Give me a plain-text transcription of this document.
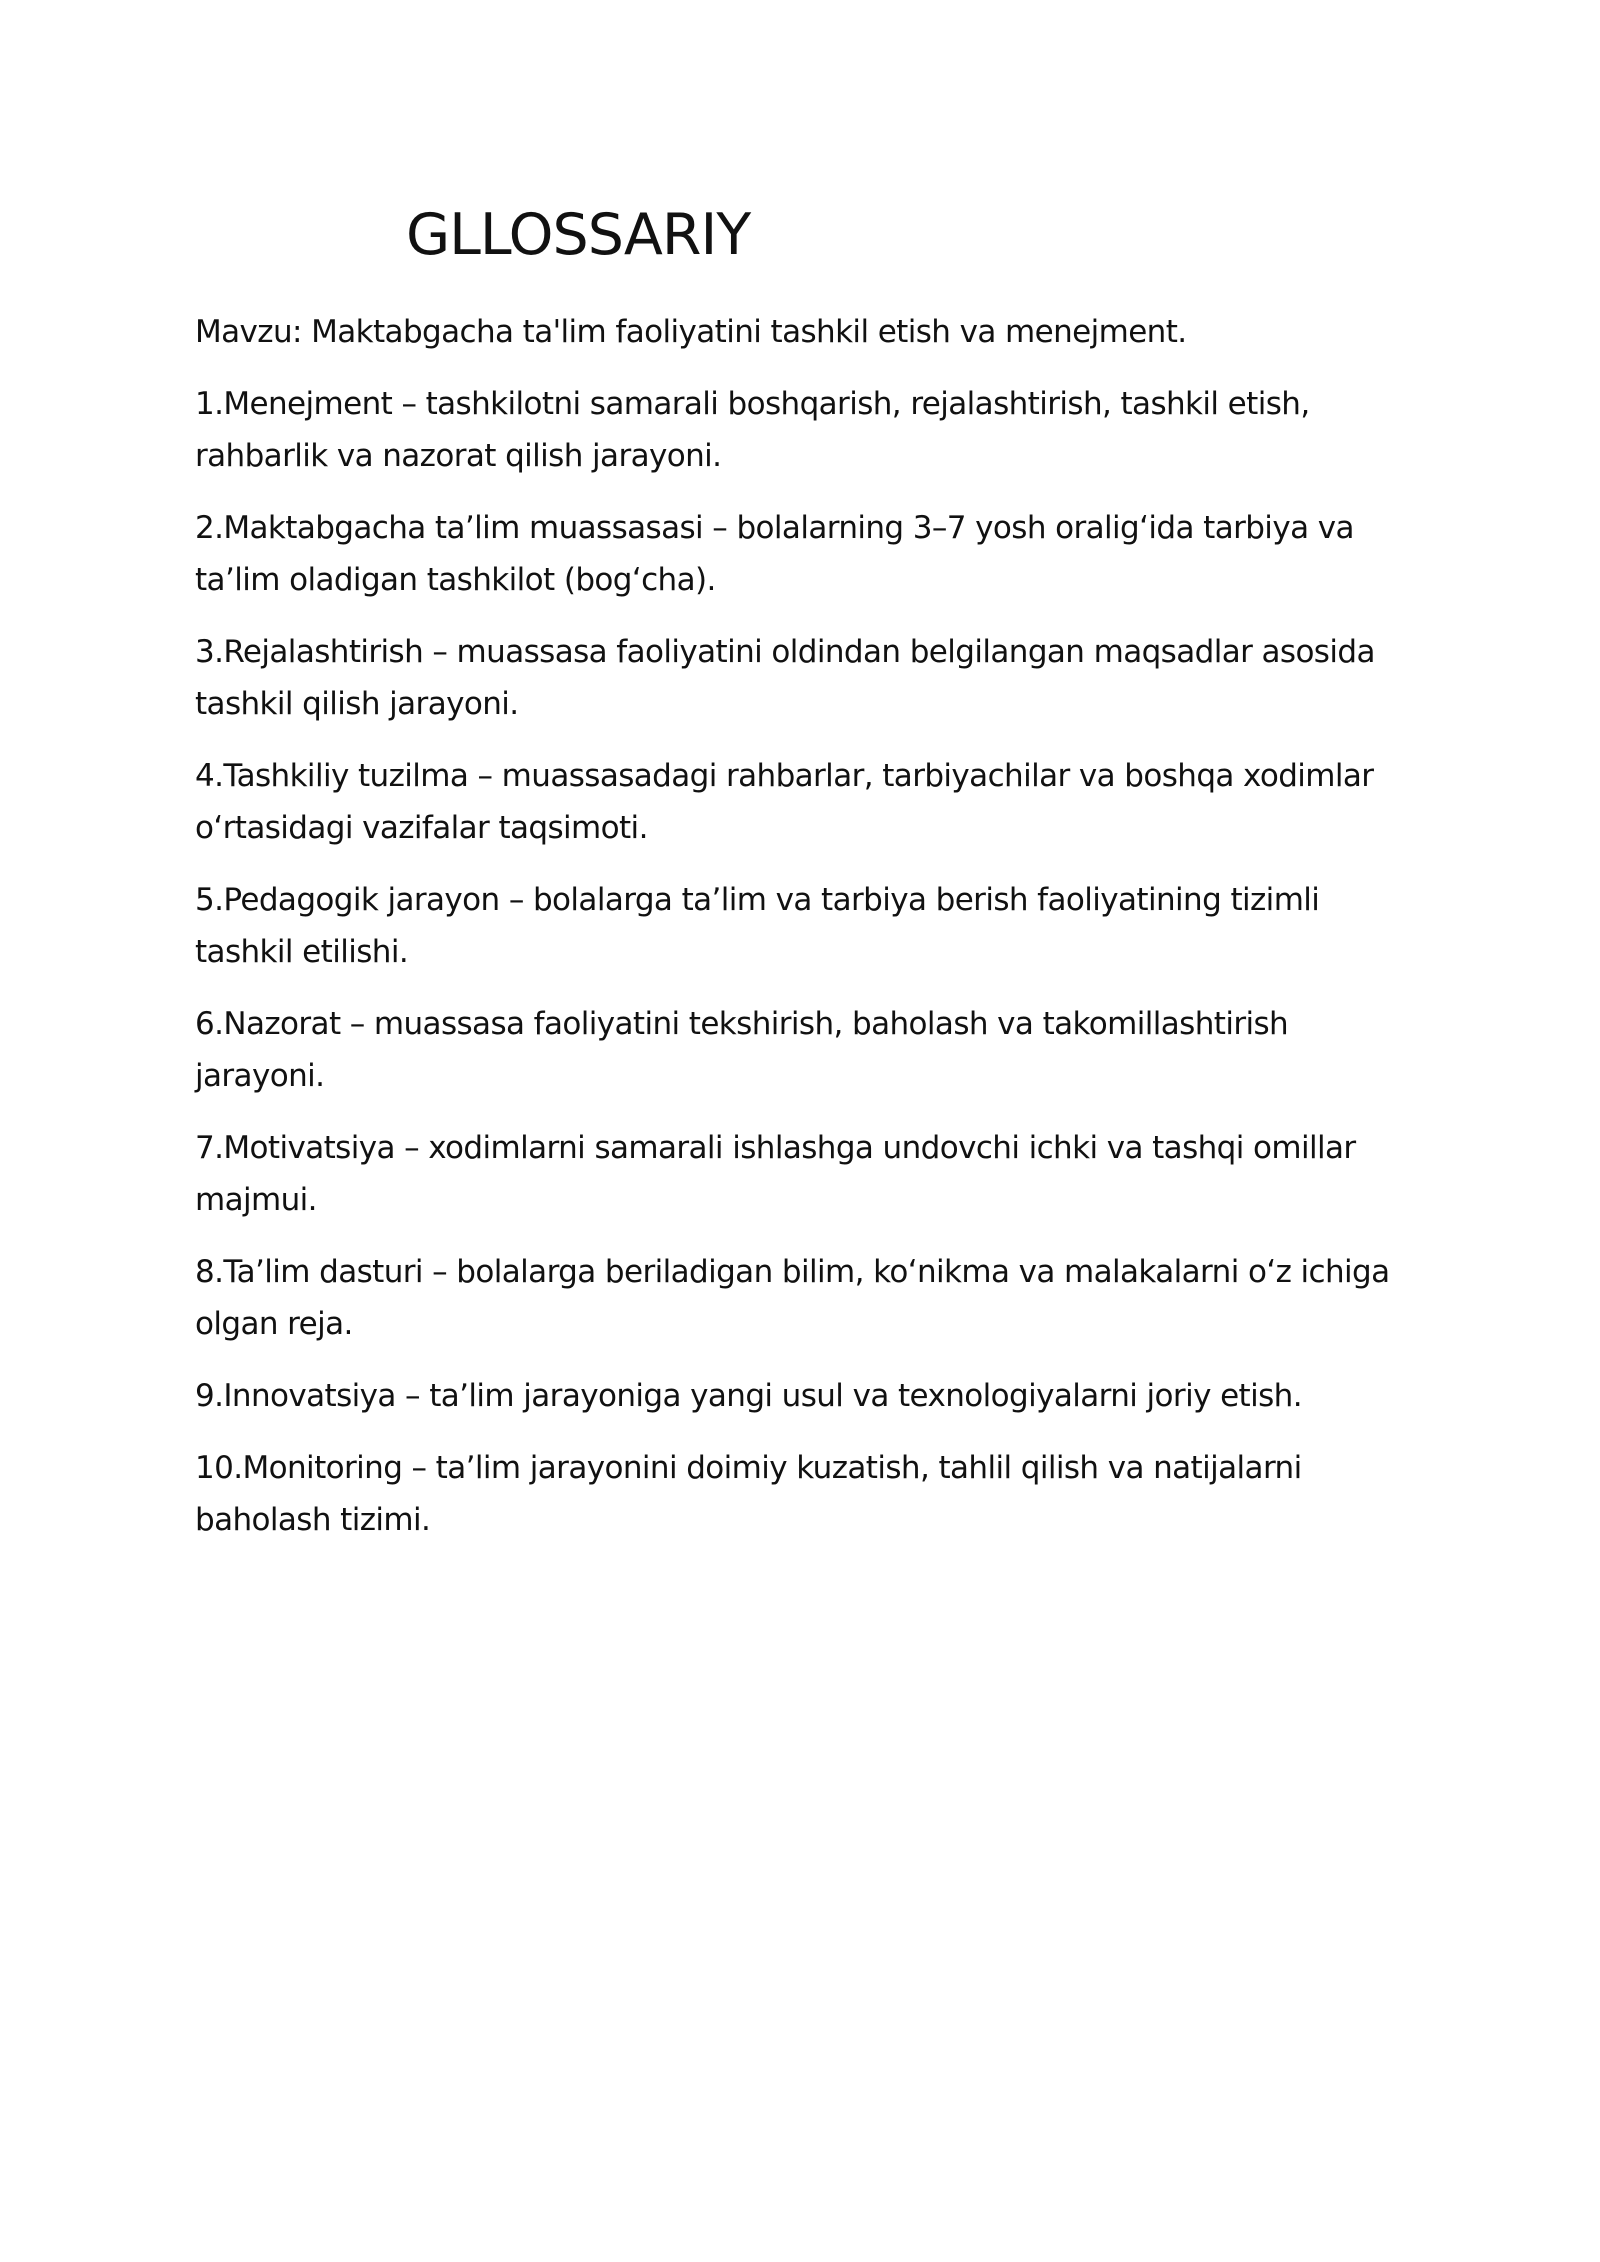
GLLOSSARIY

Mavzu: Maktabgacha ta'lim faoliyatini tashkil etish va menejment.

1.Menejment – tashkilotni samarali boshqarish, rejalashtirish, tashkil etish, rahbarlik va nazorat qilish jarayoni.

2.Maktabgacha ta’lim muassasasi – bolalarning 3–7 yosh oralig‘ida tarbiya va ta’lim oladigan tashkilot (bog‘cha).

3.Rejalashtirish – muassasa faoliyatini oldindan belgilangan maqsadlar asosida tashkil qilish jarayoni.

4.Tashkiliy tuzilma – muassasadagi rahbarlar, tarbiyachilar va boshqa xodimlar o‘rtasidagi vazifalar taqsimoti.

5.Pedagogik jarayon – bolalarga ta’lim va tarbiya berish faoliyatining tizimli tashkil etilishi.

6.Nazorat – muassasa faoliyatini tekshirish, baholash va takomillashtirish jarayoni.

7.Motivatsiya – xodimlarni samarali ishlashga undovchi ichki va tashqi omillar majmui.

8.Ta’lim dasturi – bolalarga beriladigan bilim, ko‘nikma va malakalarni o‘z ichiga olgan reja.

9.Innovatsiya – ta’lim jarayoniga yangi usul va texnologiyalarni joriy etish.

10.Monitoring – ta’lim jarayonini doimiy kuzatish, tahlil qilish va natijalarni baholash tizimi.
